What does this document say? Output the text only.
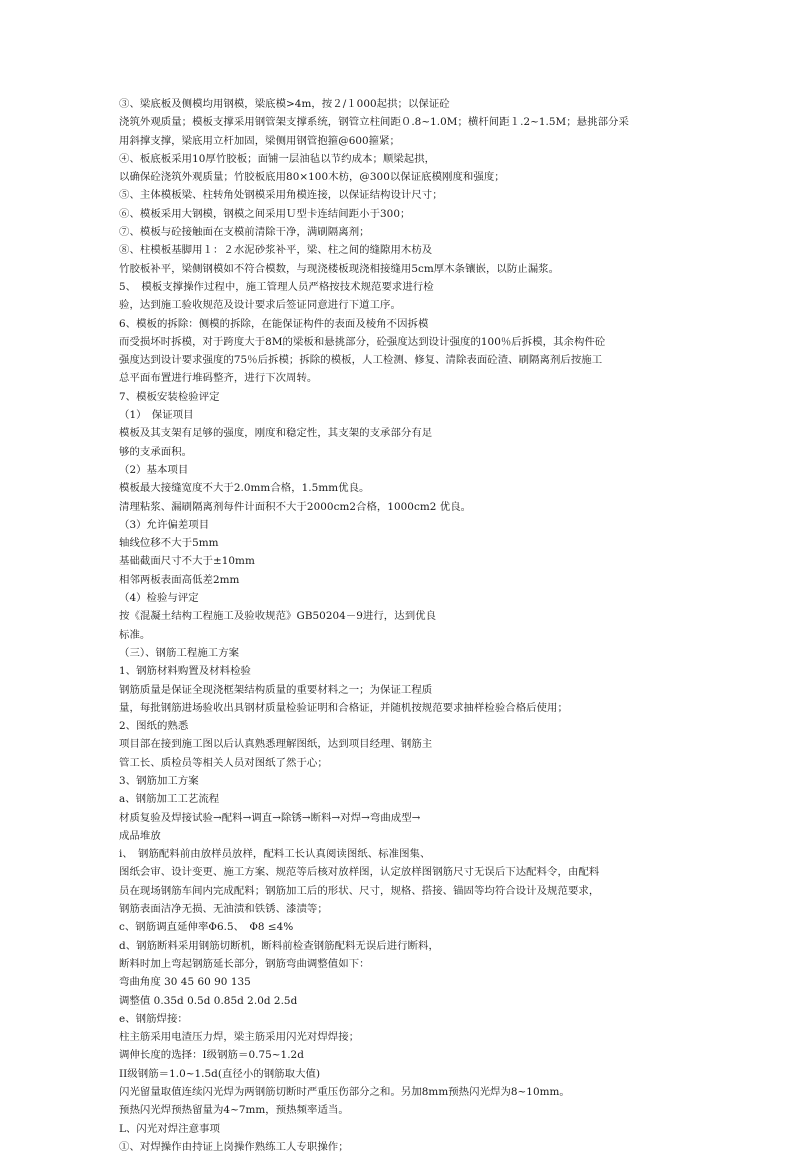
③、梁底板及侧模均用钢模，梁底模>4m，按２/１000起拱；以保证砼
浇筑外观质量；模板支撑采用钢管架支撑系统，钢管立柱间距０.8~1.0M；横杆间距１.2~1.5M；悬挑部分采
用斜撑支撑，梁底用立杆加固，梁侧用钢管抱箍@600箍紧；
④、板底板采用10厚竹胶板；面铺一层油毡以节约成本；顺梁起拱，
以确保砼浇筑外观质量；竹胶板底用80×100木枋，@300以保证底模刚度和强度；
⑤、主体模板梁、柱转角处钢模采用角模连接，以保证结构设计尺寸；
⑥、模板采用大钢模，钢模之间采用Ｕ型卡连结间距小于300；
⑦、模板与砼接触面在支模前清除干净，满刷隔离剂；
⑧、柱模板基脚用１：２水泥砂浆补平，梁、柱之间的缝隙用木枋及
竹胶板补平，梁侧钢模如不符合模数，与现浇楼板现浇相接缝用5cm厚木条镶嵌，以防止漏浆。
5、　模板支撑操作过程中，施工管理人员严格按技术规范要求进行检
验，达到施工验收规范及设计要求后签证同意进行下道工序。
6、模板的拆除：侧模的拆除，在能保证构件的表面及棱角不因拆模
而受损坏时拆模，对于跨度大于8M的梁板和悬挑部分，砼强度达到设计强度的100％后拆模，其余构件砼
强度达到设计要求强度的75％后拆模；拆除的模板，人工检测、修复、清除表面砼渣、刷隔离剂后按施工
总平面布置进行堆码整齐，进行下次周转。
7、模板安装检验评定
（1）　保证项目
模板及其支架有足够的强度，刚度和稳定性，其支架的支承部分有足
够的支承面积。
（2）基本项目
模板最大接缝宽度不大于2.0mm合格，1.5mm优良。
清理粘浆、漏刷隔离剂每件计面积不大于2000cm2合格，1000cm2 优良。
（3）允许偏差项目
轴线位移不大于5mm
基础截面尺寸不大于±10mm
相邻两板表面高低差2mm
（4）检验与评定
按《混凝土结构工程施工及验收规范》GB50204－9进行，达到优良
标准。
（三）、钢筋工程施工方案
1、钢筋材料购置及材料检验
钢筋质量是保证全现浇框架结构质量的重要材料之一；为保证工程质
量，每批钢筋进场验收出具钢材质量检验证明和合格证，并随机按规范要求抽样检验合格后使用；
2、图纸的熟悉
项目部在接到施工图以后认真熟悉理解图纸，达到项目经理、钢筋主
管工长、质检员等相关人员对图纸了然于心；
3、钢筋加工方案
a、钢筋加工工艺流程
材质复验及焊接试验→配料→调直→除锈→断料→对焊→弯曲成型→
成品堆放
i、　钢筋配料前由放样员放样，配料工长认真阅读图纸、标准图集、
图纸会审、设计变更、施工方案、规范等后核对放样图，认定放样图钢筋尺寸无误后下达配料令，由配料
员在现场钢筋车间内完成配料；钢筋加工后的形状、尺寸，规格、搭接、锚固等均符合设计及规范要求，
钢筋表面洁净无损、无油渍和铁锈、漆渍等；
c、钢筋调直延伸率Φ6.5、　Φ8 ≤4%
d、钢筋断料采用钢筋切断机，断料前检查钢筋配料无误后进行断料，
断料时加上弯起钢筋延长部分，钢筋弯曲调整值如下：
弯曲角度 30 45 60 90 135
调整值 0.35d 0.5d 0.85d 2.0d 2.5d
e、钢筋焊接：
柱主筋采用电渣压力焊，梁主筋采用闪光对焊焊接；
调伸长度的选择：Ⅰ级钢筋＝0.75~1.2d
II级钢筋＝1.0~1.5d(直径小的钢筋取大值)
闪光留量取值连续闪光焊为两钢筋切断时严重压伤部分之和。另加8mm预热闪光焊为8~10mm。
预热闪光焊预热留量为4~7mm，预热频率适当。
L、闪光对焊注意事项
①、对焊操作由持证上岗操作熟练工人专职操作；
